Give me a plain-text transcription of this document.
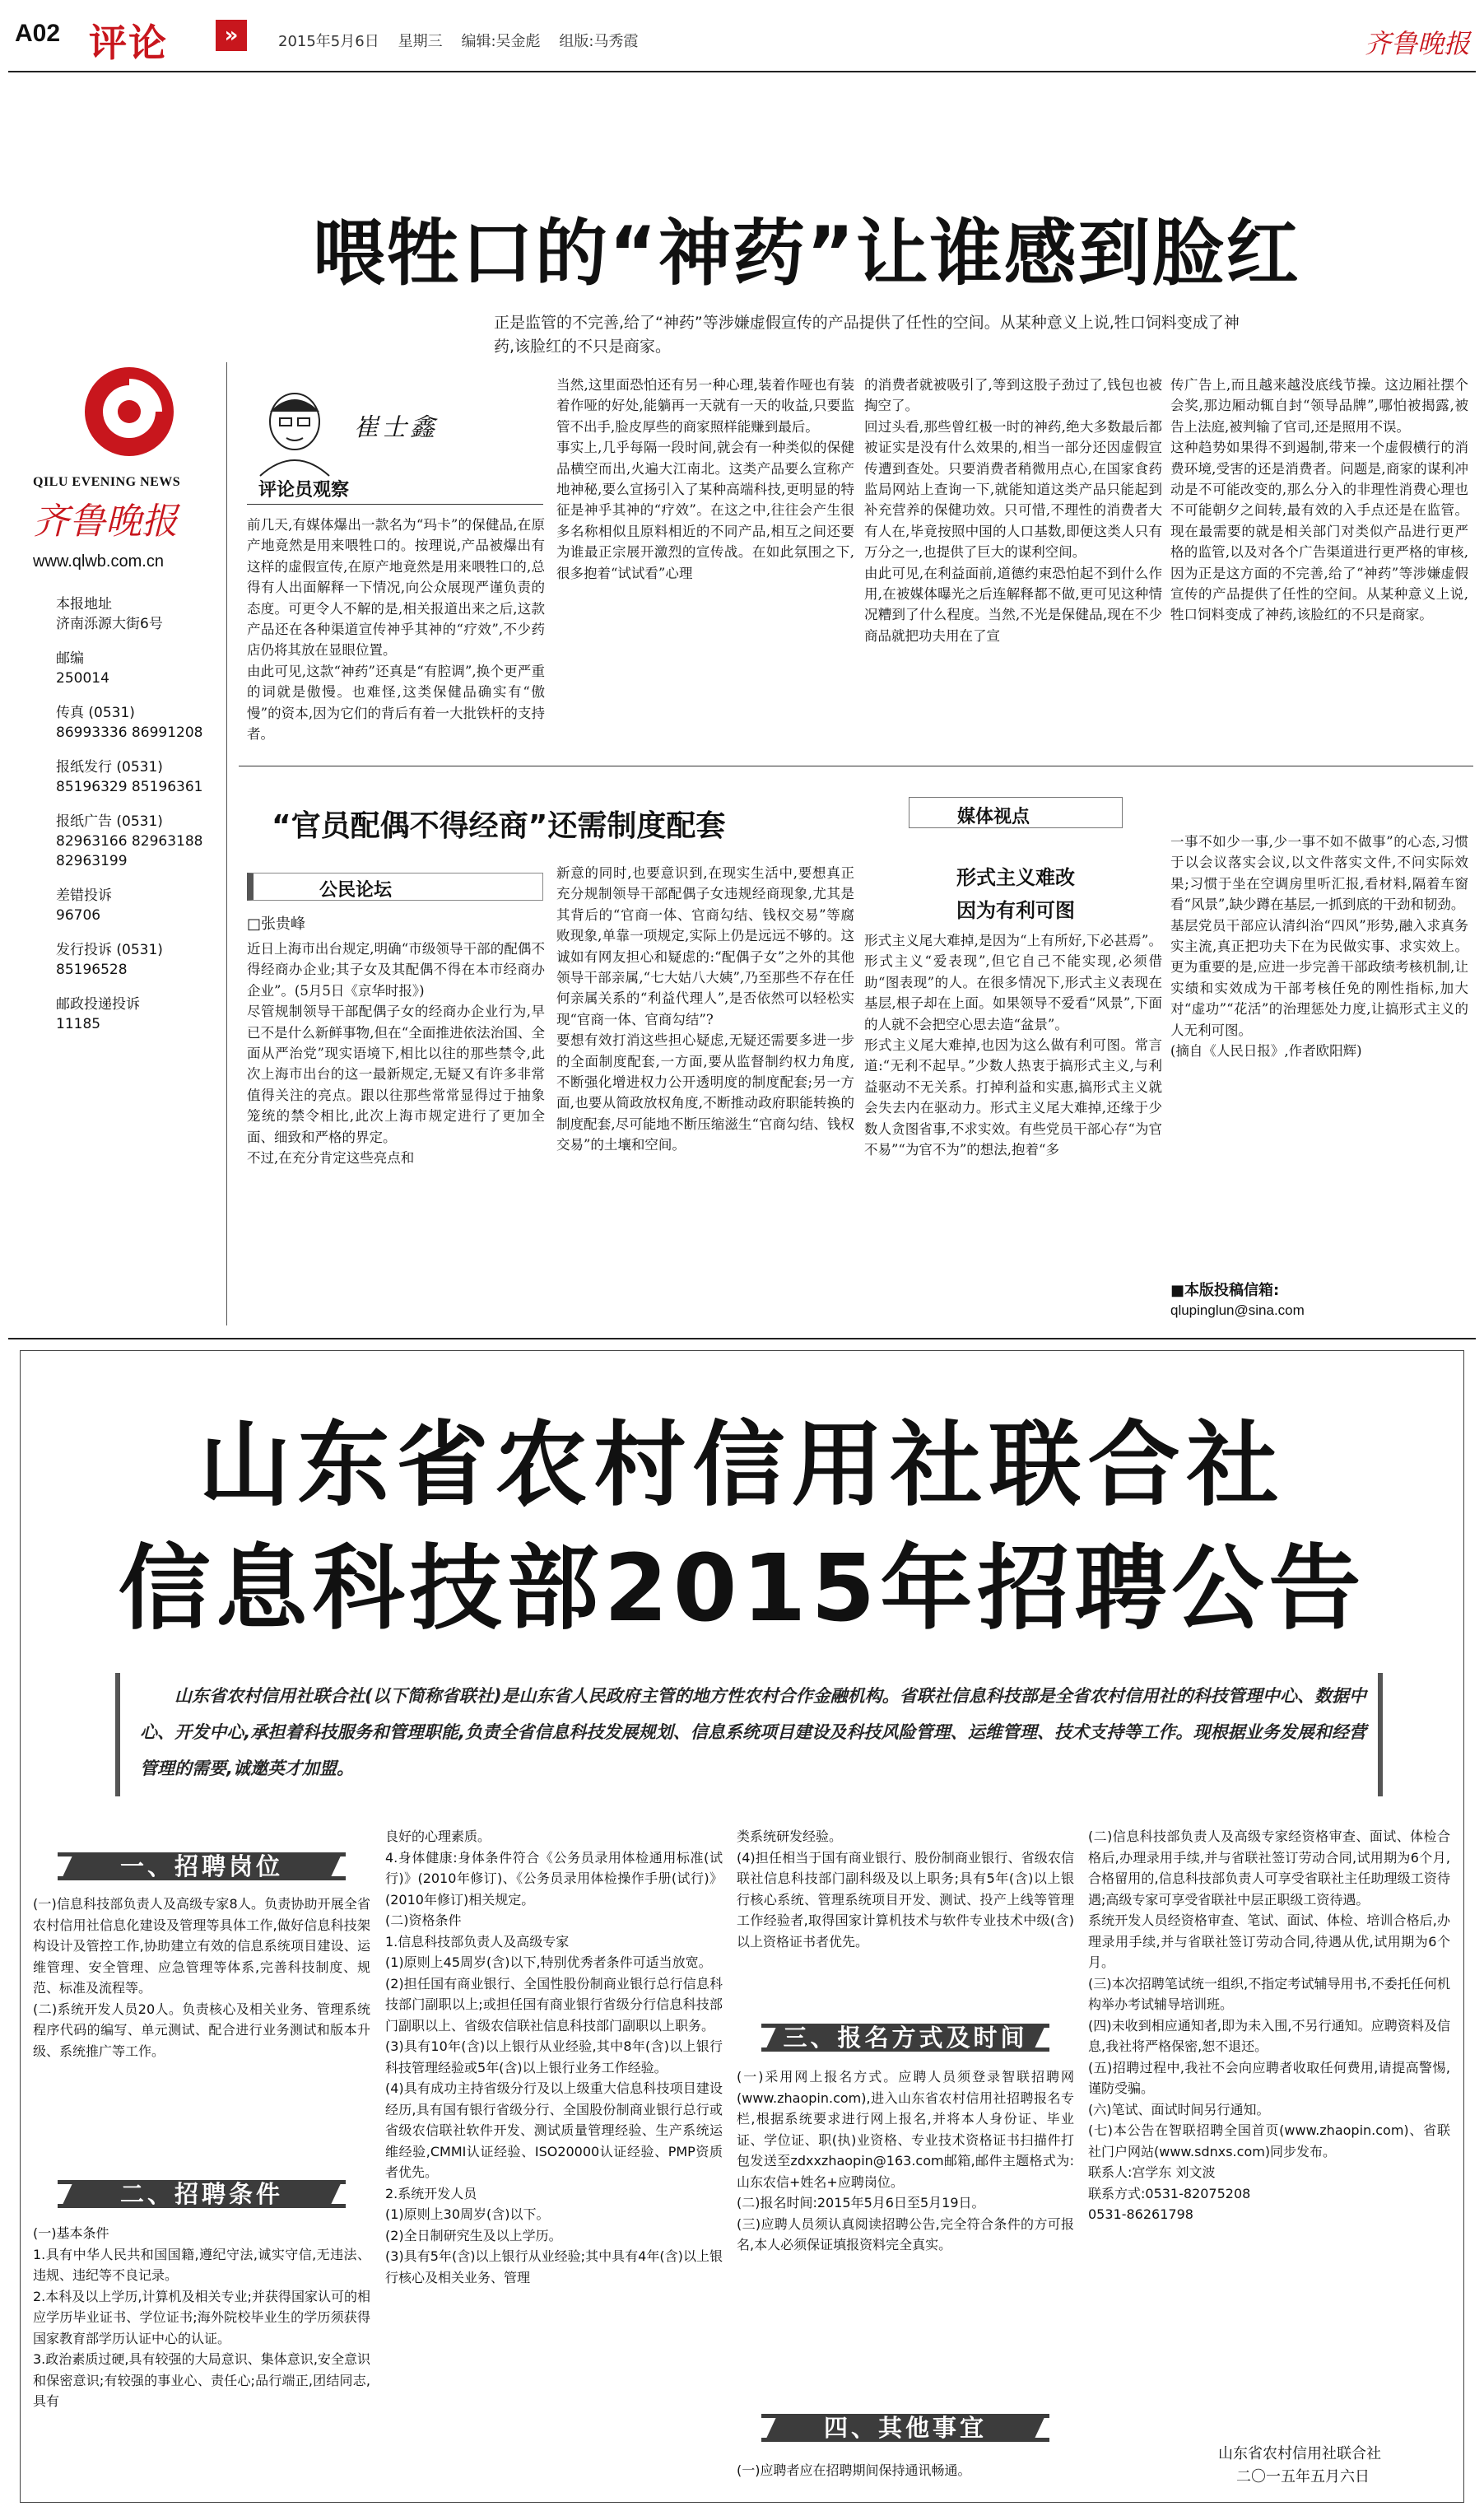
A02 评论	»	2015年5月6日    星期三    编辑:吴金彪    组版:马秀霞	齐鲁晚报
喂牲口的“神药”让谁感到脸红
正是监管的不完善,给了“神药”等涉嫌虚假宣传的产品提供了任性的空间。从某种意义上说,牲口饲料变成了神药,该脸红的不只是商家。
QILU EVENING NEWS
齐鲁晚报
www.qlwb.com.cn
本报地址
济南泺源大街6号
邮编
250014
传真 (0531)
86993336 86991208
报纸发行 (0531)
85196329 85196361
报纸广告 (0531)
82963166 82963188
82963199
差错投诉
96706
发行投诉 (0531)
85196528
邮政投递投诉
11185
崔士鑫
评论员观察
前几天,有媒体爆出一款名为“玛卡”的保健品,在原产地竟然是用来喂牲口的。按理说,产品被爆出有这样的虚假宣传,在原产地竟然是用来喂牲口的,总得有人出面解释一下情况,向公众展现严谨负责的态度。可更令人不解的是,相关报道出来之后,这款产品还在各种渠道宣传神乎其神的“疗效”,不少药店仍将其放在显眼位置。
由此可见,这款“神药”还真是“有腔调”,换个更严重的词就是傲慢。也难怪,这类保健品确实有“傲慢”的资本,因为它们的背后有着一大批铁杆的支持者。
当然,这里面恐怕还有另一种心理,装着作哑也有装着作哑的好处,能躺再一天就有一天的收益,只要监管不出手,脸皮厚些的商家照样能赚到最后。
事实上,几乎每隔一段时间,就会有一种类似的保健品横空而出,火遍大江南北。这类产品要么宣称产地神秘,要么宣扬引入了某种高端科技,更明显的特征是神乎其神的“疗效”。在这之中,往往会产生很多名称相似且原料相近的不同产品,相互之间还要为谁最正宗展开激烈的宣传战。在如此氛围之下,很多抱着“试试看”心理
的消费者就被吸引了,等到这股子劲过了,钱包也被掏空了。
回过头看,那些曾红极一时的神药,绝大多数最后都被证实是没有什么效果的,相当一部分还因虚假宣传遭到查处。只要消费者稍微用点心,在国家食药监局网站上查询一下,就能知道这类产品只能起到补充营养的保健功效。只可惜,不理性的消费者大有人在,毕竟按照中国的人口基数,即便这类人只有万分之一,也提供了巨大的谋利空间。
由此可见,在利益面前,道德约束恐怕起不到什么作用,在被媒体曝光之后连解释都不做,更可见这种情况糟到了什么程度。当然,不光是保健品,现在不少商品就把功夫用在了宣
传广告上,而且越来越没底线节操。这边厢社摆个会奖,那边厢动辄自封“领导品牌”,哪怕被揭露,被告上法庭,被判输了官司,还是照用不误。
这种趋势如果得不到遏制,带来一个虚假横行的消费环境,受害的还是消费者。问题是,商家的谋利冲动是不可能改变的,那么分入的非理性消费心理也不可能朝夕之间转,最有效的入手点还是在监管。现在最需要的就是相关部门对类似产品进行更严格的监管,以及对各个广告渠道进行更严格的审核,因为正是这方面的不完善,给了“神药”等涉嫌虚假宣传的产品提供了任性的空间。从某种意义上说,牲口饲料变成了神药,该脸红的不只是商家。
“官员配偶不得经商”还需制度配套
公民论坛
□张贵峰
近日上海市出台规定,明确“市级领导干部的配偶不得经商办企业;其子女及其配偶不得在本市经商办企业”。(5月5日《京华时报》)
尽管规制领导干部配偶子女的经商办企业行为,早已不是什么新鲜事物,但在“全面推进依法治国、全面从严治党”现实语境下,相比以往的那些禁令,此次上海市出台的这一最新规定,无疑又有许多非常值得关注的亮点。跟以往那些常常显得过于抽象笼统的禁令相比,此次上海市规定进行了更加全面、细致和严格的界定。
不过,在充分肯定这些亮点和
新意的同时,也要意识到,在现实生活中,要想真正充分规制领导干部配偶子女违规经商现象,尤其是其背后的“官商一体、官商勾结、钱权交易”等腐败现象,单靠一项规定,实际上仍是远远不够的。这诚如有网友担心和疑虑的:“配偶子女”之外的其他领导干部亲属,“七大姑八大姨”,乃至那些不存在任何亲属关系的“利益代理人”,是否依然可以轻松实现“官商一体、官商勾结”?
要想有效打消这些担心疑虑,无疑还需要多进一步的全面制度配套,一方面,要从监督制约权力角度,不断强化增进权力公开透明度的制度配套;另一方面,也要从简政放权角度,不断推动政府职能转换的制度配套,尽可能地不断压缩滋生“官商勾结、钱权交易”的土壤和空间。
媒体视点
形式主义难改
因为有利可图
形式主义尾大难掉,是因为“上有所好,下必甚焉”。形式主义“爱表现”,但它自己不能实现,必须借助“图表现”的人。在很多情况下,形式主义表现在基层,根子却在上面。如果领导不爱看“风景”,下面的人就不会把空心思去造“盆景”。
形式主义尾大难掉,也因为这么做有利可图。常言道:“无利不起早。”少数人热衷于搞形式主义,与利益驱动不无关系。打掉利益和实惠,搞形式主义就会失去内在驱动力。形式主义尾大难掉,还缘于少数人贪图省事,不求实效。有些党员干部心存“为官不易”“为官不为”的想法,抱着“多
一事不如少一事,少一事不如不做事”的心态,习惯于以会议落实会议,以文件落实文件,不问实际效果;习惯于坐在空调房里听汇报,看材料,隔着车窗看“风景”,缺少蹲在基层,一抓到底的干劲和韧劲。
基层党员干部应认清纠治“四风”形势,融入求真务实主流,真正把功夫下在为民做实事、求实效上。更为重要的是,应进一步完善干部政绩考核机制,让实绩和实效成为干部考核任免的刚性指标,加大对“虚功”“花活”的治理惩处力度,让搞形式主义的人无利可图。
(摘自《人民日报》,作者欧阳辉)
■本版投稿信箱:
qlupinglun@sina.com
山东省农村信用社联合社
信息科技部2015年招聘公告
山东省农村信用社联合社(以下简称省联社)是山东省人民政府主管的地方性农村合作金融机构。省联社信息科技部是全省农村信用社的科技管理中心、数据中心、开发中心,承担着科技服务和管理职能,负责全省信息科技发展规划、信息系统项目建设及科技风险管理、运维管理、技术支持等工作。现根据业务发展和经营管理的需要,诚邀英才加盟。
一、招聘岗位
(一)信息科技部负责人及高级专家8人。负责协助开展全省农村信用社信息化建设及管理等具体工作,做好信息科技架构设计及管控工作,协助建立有效的信息系统项目建设、运维管理、安全管理、应急管理等体系,完善科技制度、规范、标准及流程等。
(二)系统开发人员20人。负责核心及相关业务、管理系统程序代码的编写、单元测试、配合进行业务测试和版本升级、系统推广等工作。
二、招聘条件
(一)基本条件
1.具有中华人民共和国国籍,遵纪守法,诚实守信,无违法、违规、违纪等不良记录。
2.本科及以上学历,计算机及相关专业;并获得国家认可的相应学历毕业证书、学位证书;海外院校毕业生的学历须获得国家教育部学历认证中心的认证。
3.政治素质过硬,具有较强的大局意识、集体意识,安全意识和保密意识;有较强的事业心、责任心;品行端正,团结同志,具有
良好的心理素质。
4.身体健康:身体条件符合《公务员录用体检通用标准(试行)》(2010年修订)、《公务员录用体检操作手册(试行)》(2010年修订)相关规定。
(二)资格条件
1.信息科技部负责人及高级专家
(1)原则上45周岁(含)以下,特别优秀者条件可适当放宽。
(2)担任国有商业银行、全国性股份制商业银行总行信息科技部门副职以上;或担任国有商业银行省级分行信息科技部门副职以上、省级农信联社信息科技部门副职以上职务。
(3)具有10年(含)以上银行从业经验,其中8年(含)以上银行科技管理经验或5年(含)以上银行业务工作经验。
(4)具有成功主持省级分行及以上级重大信息科技项目建设经历,具有国有银行省级分行、全国股份制商业银行总行或省级农信联社软件开发、测试质量管理经验、生产系统运维经验,CMMI认证经验、ISO20000认证经验、PMP资质者优先。
2.系统开发人员
(1)原则上30周岁(含)以下。
(2)全日制研究生及以上学历。
(3)具有5年(含)以上银行从业经验;其中具有4年(含)以上银行核心及相关业务、管理
类系统研发经验。
(4)担任相当于国有商业银行、股份制商业银行、省级农信联社信息科技部门副科级及以上职务;具有5年(含)以上银行核心系统、管理系统项目开发、测试、投产上线等管理工作经验者,取得国家计算机技术与软件专业技术中级(含)以上资格证书者优先。
三、报名方式及时间
(一)采用网上报名方式。应聘人员须登录智联招聘网(www.zhaopin.com),进入山东省农村信用社招聘报名专栏,根据系统要求进行网上报名,并将本人身份证、毕业证、学位证、职(执)业资格、专业技术资格证书扫描件打包发送至zdxxzhaopin@163.com邮箱,邮件主题格式为:山东农信+姓名+应聘岗位。
(二)报名时间:2015年5月6日至5月19日。
(三)应聘人员须认真阅读招聘公告,完全符合条件的方可报名,本人必须保证填报资料完全真实。
四、其他事宜
(一)应聘者应在招聘期间保持通讯畅通。
(二)信息科技部负责人及高级专家经资格审查、面试、体检合格后,办理录用手续,并与省联社签订劳动合同,试用期为6个月,合格留用的,信息科技部负责人可享受省联社主任助理级工资待遇;高级专家可享受省联社中层正职级工资待遇。
系统开发人员经资格审查、笔试、面试、体检、培训合格后,办理录用手续,并与省联社签订劳动合同,待遇从优,试用期为6个月。
(三)本次招聘笔试统一组织,不指定考试辅导用书,不委托任何机构举办考试辅导培训班。
(四)未收到相应通知者,即为未入围,不另行通知。应聘资料及信息,我社将严格保密,恕不退还。
(五)招聘过程中,我社不会向应聘者收取任何费用,请提高警惕,谨防受骗。
(六)笔试、面试时间另行通知。
(七)本公告在智联招聘全国首页(www.zhaopin.com)、省联社门户网站(www.sdnxs.com)同步发布。
联系人:宫学东 刘文波
联系方式:0531-82075208
0531-86261798
山东省农村信用社联合社
二〇一五年五月六日
